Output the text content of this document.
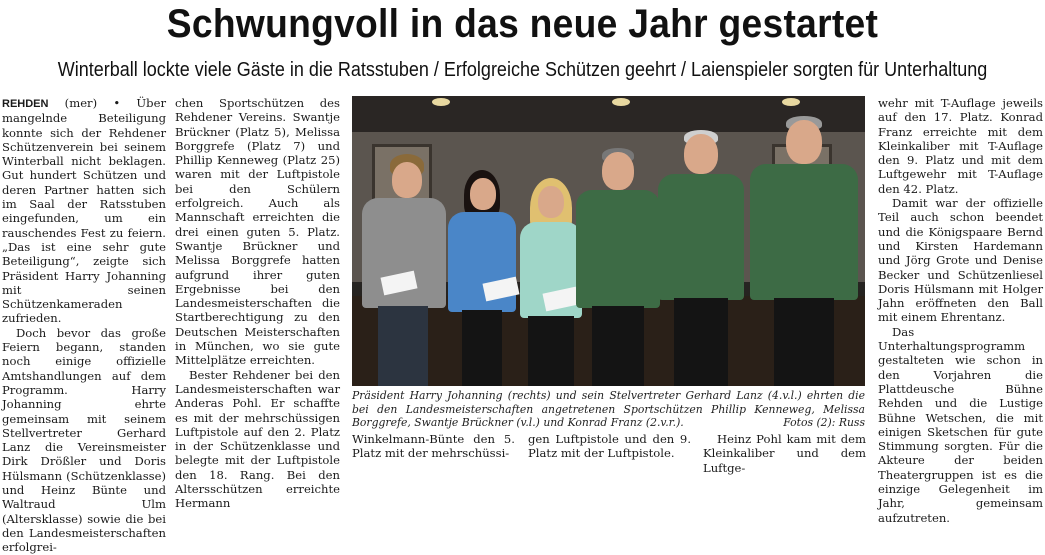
Schwungvoll in das neue Jahr gestartet
Winterball lockte viele Gäste in die Ratsstuben / Erfolgreiche Schützen geehrt / Laienspieler sorgten für Unterhaltung

REHDEN (mer) • Über mangelnde Beteiligung konnte sich der Rehdener Schützenverein bei seinem Winterball nicht beklagen. Gut hundert Schützen und deren Partner hatten sich im Saal der Ratsstuben eingefunden, um ein rauschendes Fest zu feiern. „Das ist eine sehr gute Beteiligung“, zeigte sich Präsident Harry Johanning mit seinen Schützenkameraden zufrieden.

Doch bevor das große Feiern begann, standen noch einige offizielle Amtshandlungen auf dem Programm. Harry Johanning ehrte gemeinsam mit seinem Stellvertreter Gerhard Lanz die Vereinsmeister Dirk Drößler und Doris Hülsmann (Schützenklasse) und Heinz Bünte und Waltraud Ulm (Altersklasse) sowie die bei den Landesmeisterschaften erfolgrei-

chen Sportschützen des Rehdener Vereins. Swantje Brückner (Platz 5), Melissa Borggrefe (Platz 7) und Phillip Kenneweg (Platz 25) waren mit der Luftpistole bei den Schülern erfolgreich. Auch als Mannschaft erreichten die drei einen guten 5. Platz. Swantje Brückner und Melissa Borggrefe hatten aufgrund ihrer guten Ergebnisse bei den Landesmeisterschaften die Startberechtigung zu den Deutschen Meisterschaften in München, wo sie gute Mittelplätze erreichten.

Bester Rehdener bei den Landesmeisterschaften war Anderas Pohl. Er schaffte es mit der mehrschüssigen Luftpistole auf den 2. Platz in der Schützenklasse und belegte mit der Luftpistole den 18. Rang. Bei den Altersschützen erreichte Hermann

Präsident Harry Johanning (rechts) und sein Stelvertreter Gerhard Lanz (4.v.l.) ehrten die bei den Landesmeisterschaften angetretenen Sportschützen Phillip Kenneweg, Melissa Borggrefe, Swantje Brückner (v.l.) und Konrad Franz (2.v.r.).	Fotos (2): Russ

Winkelmann-Bünte den 5. Platz mit der mehrschüssi-

gen Luftpistole und den 9. Platz mit der Luftpistole.

Heinz Pohl kam mit dem Kleinkaliber und dem Luftge-

wehr mit T-Auflage jeweils auf den 17. Platz. Konrad Franz erreichte mit dem Kleinkaliber mit T-Auflage den 9. Platz und mit dem Luftgewehr mit T-Auflage den 42. Platz.

Damit war der offizielle Teil auch schon beendet und die Königspaare Bernd und Kirsten Hardemann und Jörg Grote und Denise Becker und Schützenliesel Doris Hülsmann mit Holger Jahn eröffneten den Ball mit einem Ehrentanz.

Das Unterhaltungsprogramm gestalteten wie schon in den Vorjahren die Plattdeusche Bühne Rehden und die Lustige Bühne Wetschen, die mit einigen Sketschen für gute Stimmung sorgten. Für die Akteure der beiden Theatergruppen ist es die einzige Gelegenheit im Jahr, gemeinsam aufzutreten.
